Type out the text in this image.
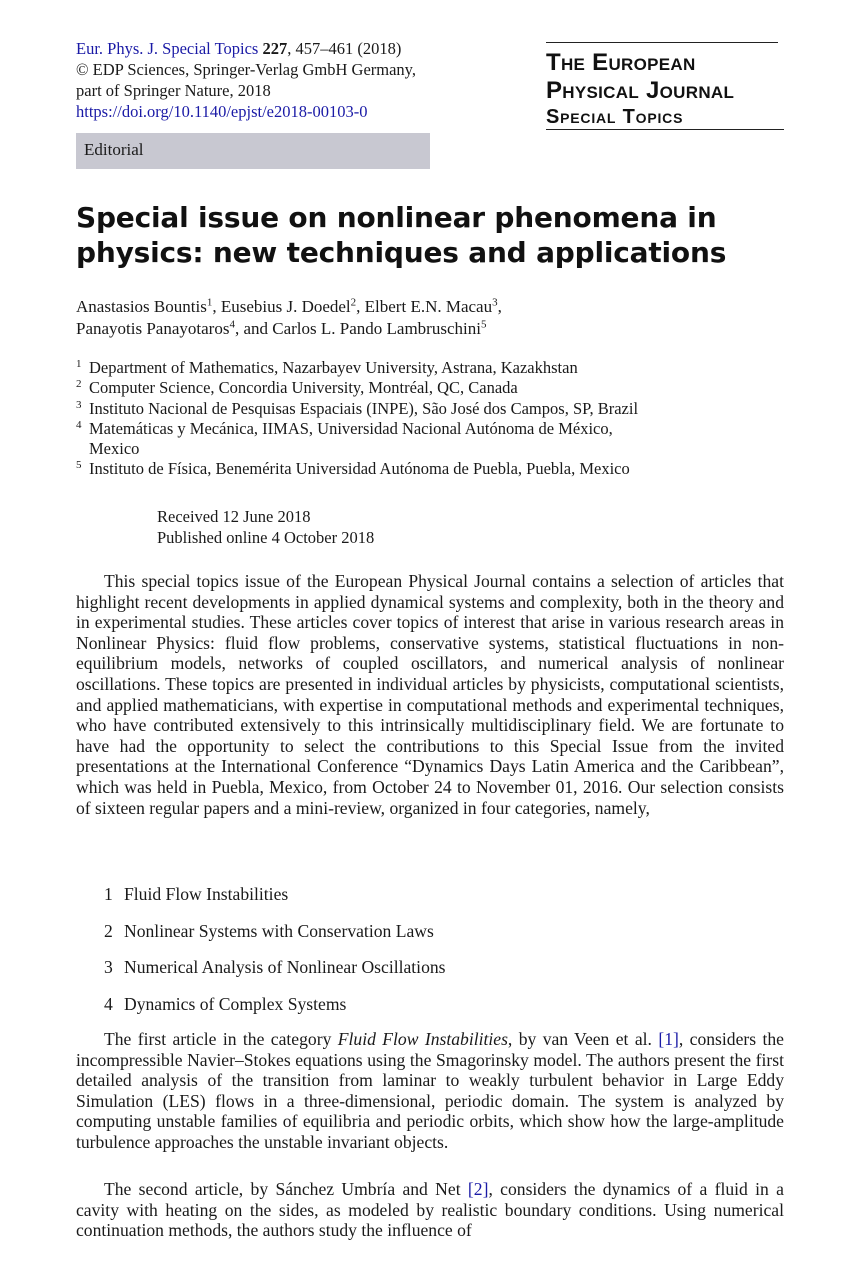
Eur. Phys. J. Special Topics 227, 457–461 (2018)
© EDP Sciences, Springer-Verlag GmbH Germany,
part of Springer Nature, 2018
https://doi.org/10.1140/epjst/e2018-00103-0
The European
Physical Journal
Special Topics
Editorial
Special issue on nonlinear phenomena in physics: new techniques and applications
Anastasios Bountis$^1$, Eusebius J. Doedel$^2$, Elbert E.N. Macau$^3$,
Panayotis Panayotaros$^4$, and Carlos L. Pando Lambruschini$^5$
1 Department of Mathematics, Nazarbayev University, Astrana, Kazakhstan
2 Computer Science, Concordia University, Montréal, QC, Canada
3 Instituto Nacional de Pesquisas Espaciais (INPE), São José dos Campos, SP, Brazil
4 Matemáticas y Mecánica, IIMAS, Universidad Nacional Autónoma de México,
Mexico
5 Instituto de Física, Benemérita Universidad Autónoma de Puebla, Puebla, Mexico
Received 12 June 2018
Published online 4 October 2018

This special topics issue of the European Physical Journal contains a selection of articles that highlight recent developments in applied dynamical systems and complexity, both in the theory and in experimental studies. These articles cover topics of interest that arise in various research areas in Nonlinear Physics: fluid flow problems, conservative systems, statistical fluctuations in non-equilibrium models, networks of coupled oscillators, and numerical analysis of nonlinear oscillations. These topics are presented in individual articles by physicists, computational scientists, and applied mathematicians, with expertise in computational methods and experimental techniques, who have contributed extensively to this intrinsically multidisciplinary field. We are fortunate to have had the opportunity to select the contributions to this Special Issue from the invited presentations at the International Conference “Dynamics Days Latin America and the Caribbean”, which was held in Puebla, Mexico, from October 24 to November 01, 2016. Our selection consists of sixteen regular papers and a mini-review, organized in four categories, namely,

1 Fluid Flow Instabilities
2 Nonlinear Systems with Conservation Laws
3 Numerical Analysis of Nonlinear Oscillations
4 Dynamics of Complex Systems

The first article in the category Fluid Flow Instabilities, by van Veen et al. [1], considers the incompressible Navier–Stokes equations using the Smagorinsky model. The authors present the first detailed analysis of the transition from laminar to weakly turbulent behavior in Large Eddy Simulation (LES) flows in a three-dimensional, periodic domain. The system is analyzed by computing unstable families of equilibria and periodic orbits, which show how the large-amplitude turbulence approaches the unstable invariant objects.

The second article, by Sánchez Umbría and Net [2], considers the dynamics of a fluid in a cavity with heating on the sides, as modeled by realistic boundary conditions. Using numerical continuation methods, the authors study the influence of
